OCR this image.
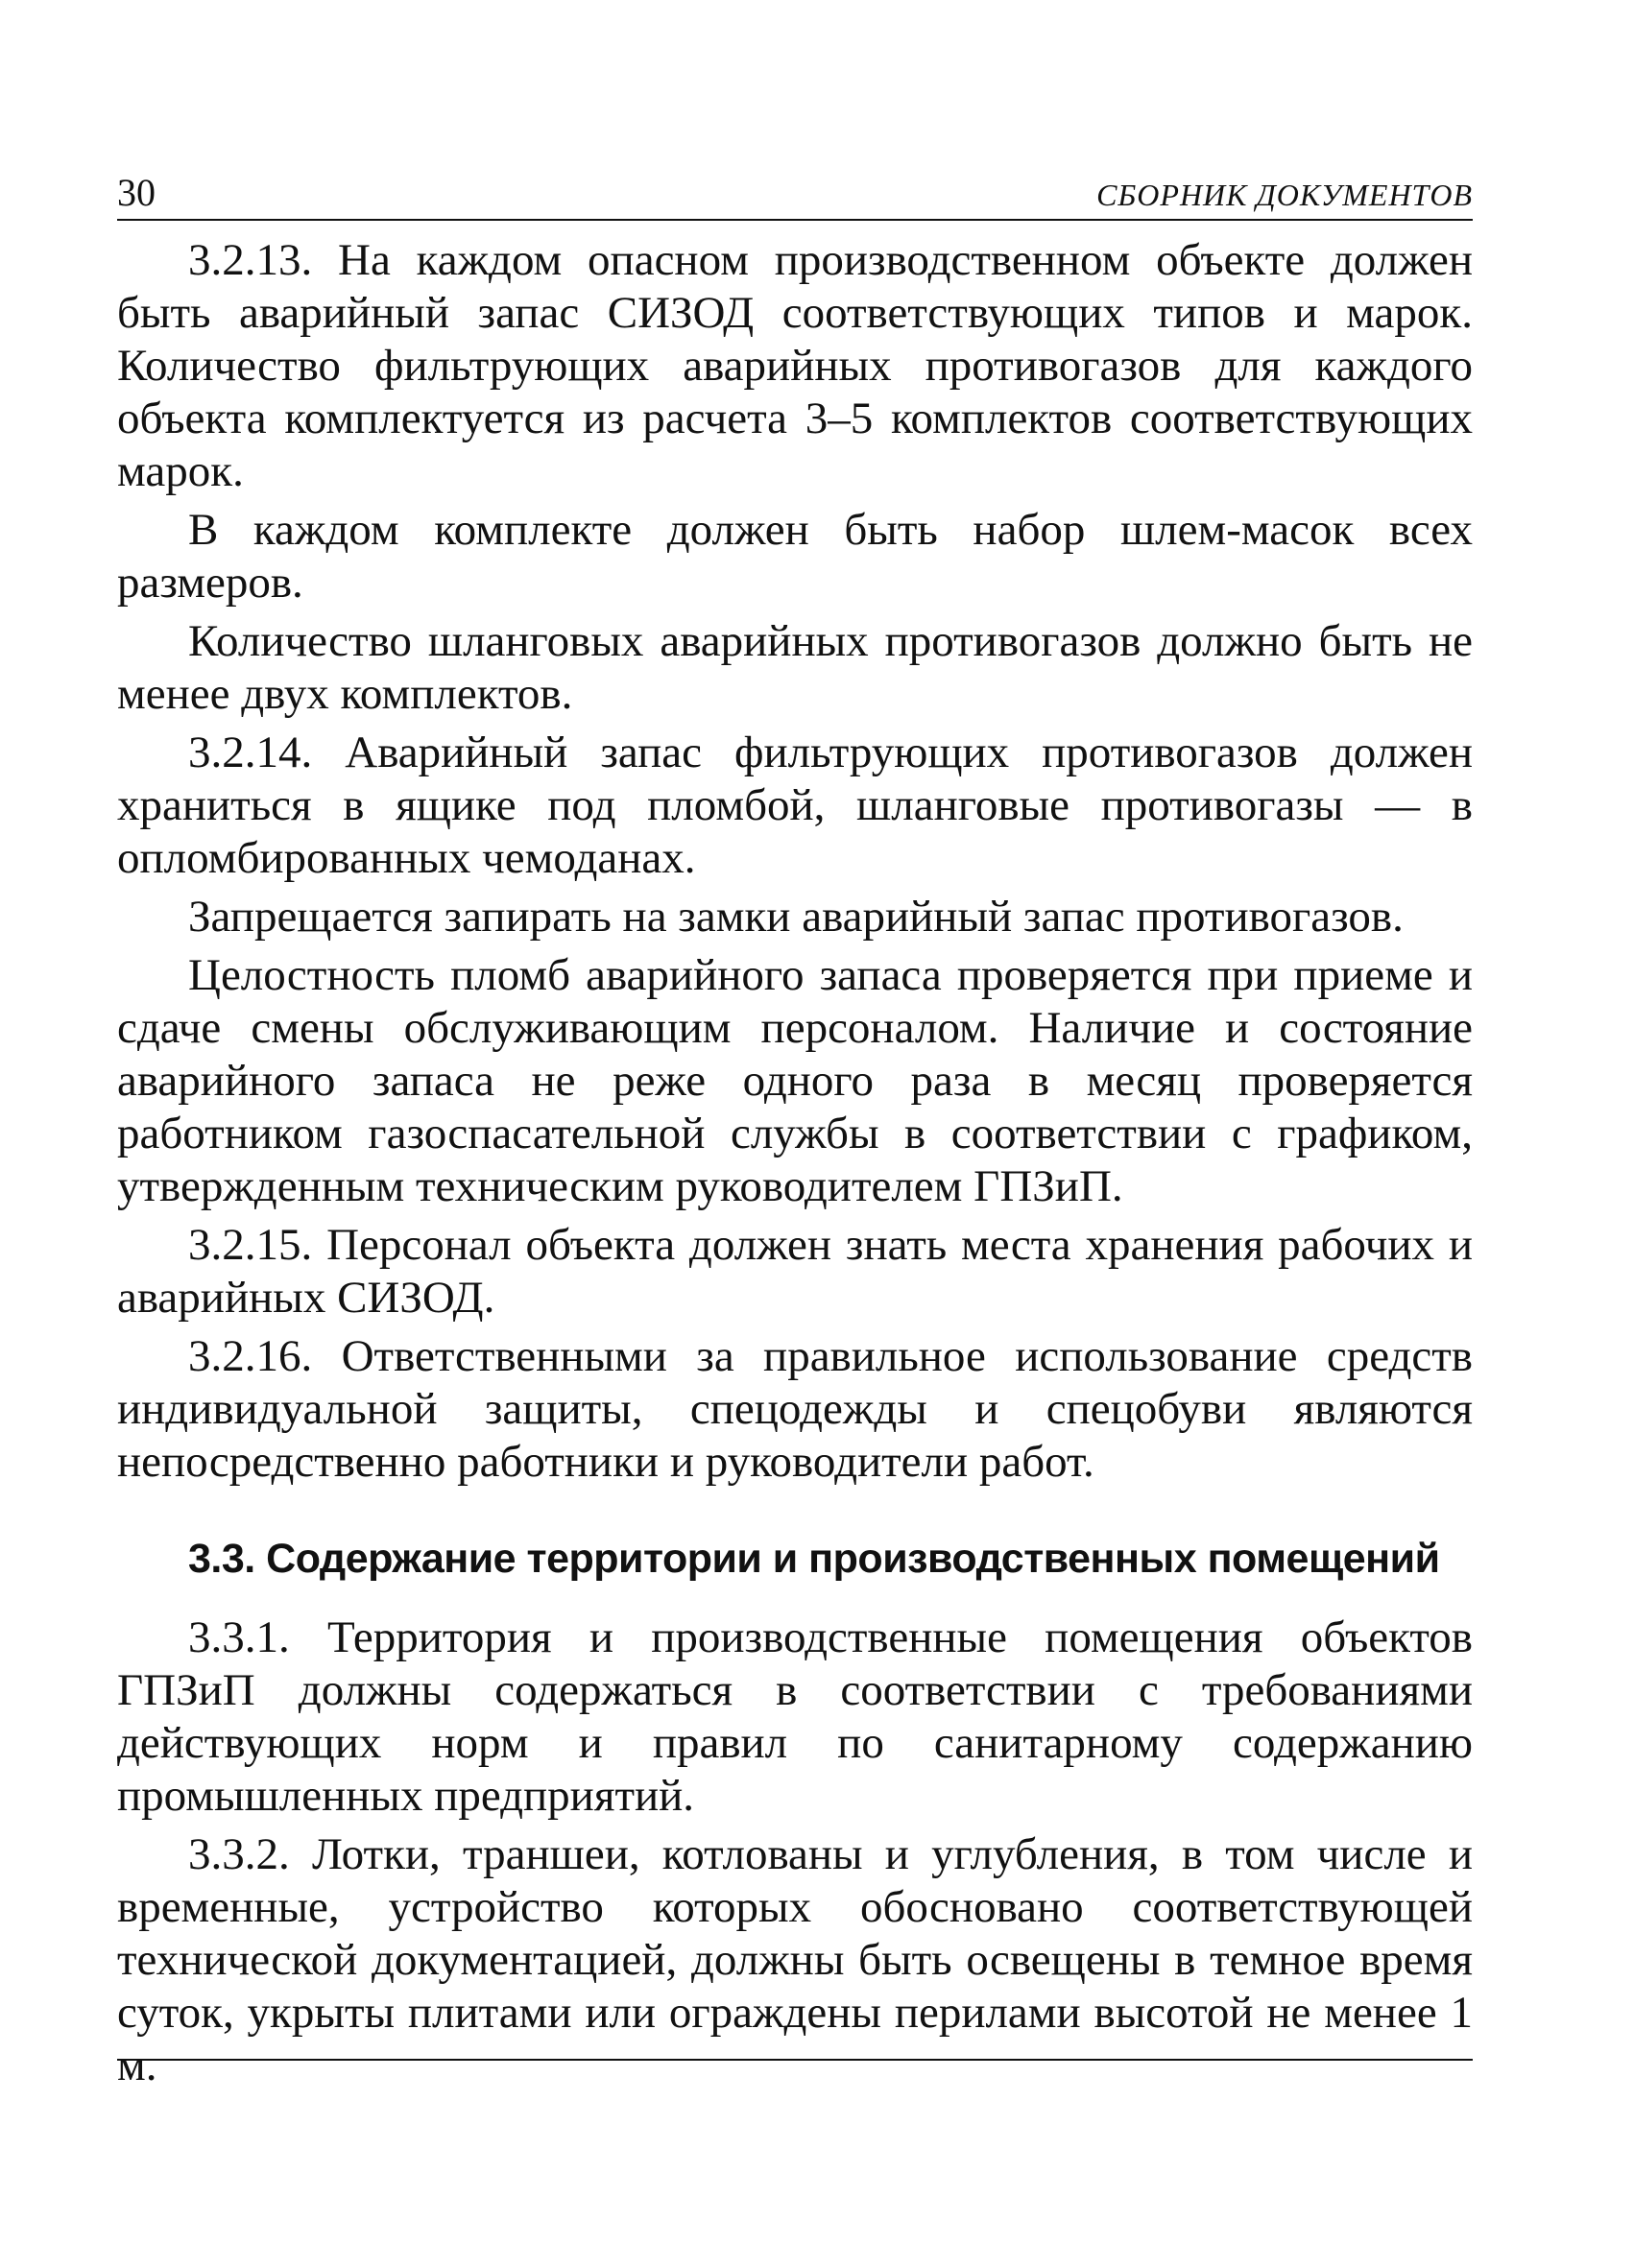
30	СБОРНИК ДОКУМЕНТОВ

3.2.13. На каждом опасном производственном объекте должен быть аварийный запас СИЗОД соответствующих типов и марок. Количество фильтрующих аварийных противогазов для каждого объекта комплектуется из расчета 3–5 комплектов соответствующих марок.

В каждом комплекте должен быть набор шлем-масок всех размеров.

Количество шланговых аварийных противогазов должно быть не менее двух комплектов.

3.2.14. Аварийный запас фильтрующих противогазов должен храниться в ящике под пломбой, шланговые противогазы — в опломбированных чемоданах.

Запрещается запирать на замки аварийный запас противогазов.

Целостность пломб аварийного запаса проверяется при приеме и сдаче смены обслуживающим персоналом. Наличие и состояние аварийного запаса не реже одного раза в месяц проверяется работником газоспасательной службы в соответствии с графиком, утвержденным техническим руководителем ГПЗиП.

3.2.15. Персонал объекта должен знать места хранения рабочих и аварийных СИЗОД.

3.2.16. Ответственными за правильное использование средств индивидуальной защиты, спецодежды и спецобуви являются непосредственно работники и руководители работ.

3.3. Содержание территории и производственных помещений

3.3.1. Территория и производственные помещения объектов ГПЗиП должны содержаться в соответствии с требованиями действующих норм и правил по санитарному содержанию промышленных предприятий.

3.3.2. Лотки, траншеи, котлованы и углубления, в том числе и временные, устройство которых обосновано соответствующей технической документацией, должны быть освещены в темное время суток, укрыты плитами или ограждены перилами высотой не менее 1 м.
